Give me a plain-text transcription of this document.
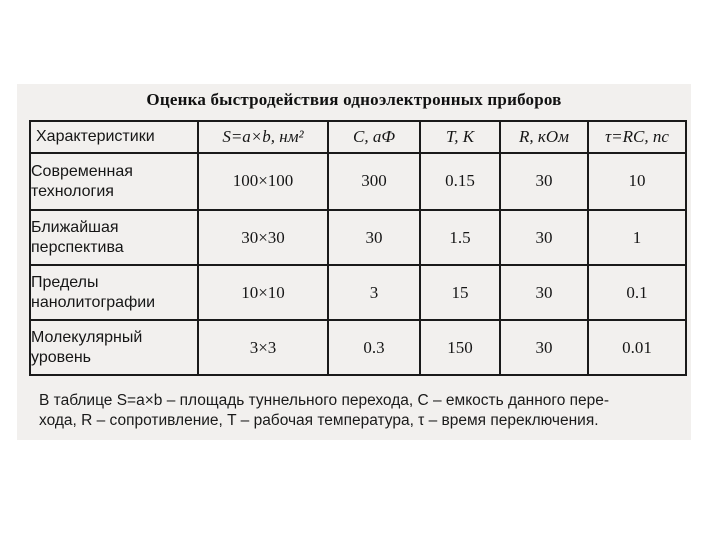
Оценка быстродействия одноэлектронных приборов
Характеристики	S=a×b, нм²	C, аФ	T, К	R, кОм	τ=RC, пс

Современная
технология	100×100	300	0.15	30	10

Ближайшая
перспектива	30×30	30	1.5	30	1

Пределы
нанолитографии	10×10	3	15	30	0.1

Молекулярный
уровень	3×3	0.3	150	30	0.01
В таблице S=a×b – площадь туннельного перехода, C – емкость данного пере-
хода, R – сопротивление, T – рабочая температура, τ – время переключения.
